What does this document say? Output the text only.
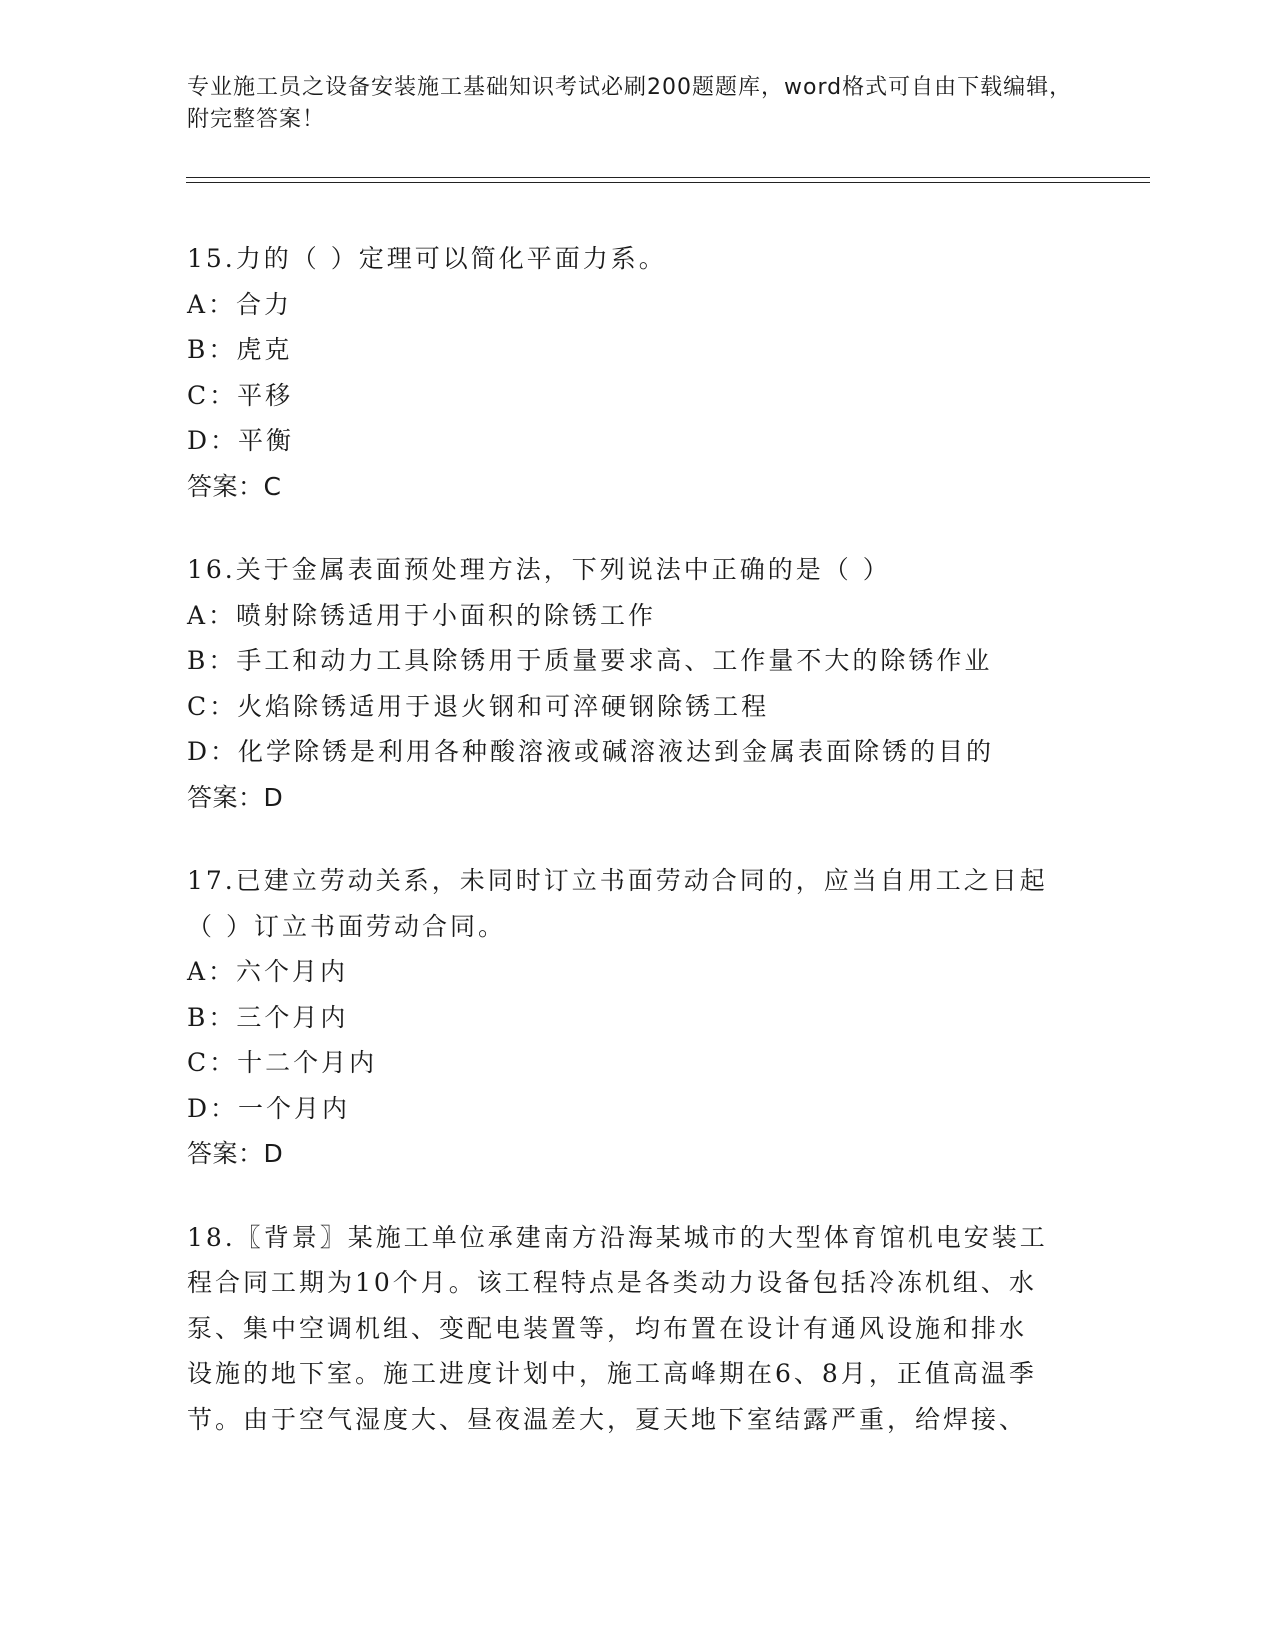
专业施工员之设备安装施工基础知识考试必刷200题题库，word格式可自由下载编辑，附完整答案！
15.力的（ ）定理可以简化平面力系。
A：合力
B：虎克
C：平移
D：平衡
答案：C
16.关于金属表面预处理方法，下列说法中正确的是（ ）
A：喷射除锈适用于小面积的除锈工作
B：手工和动力工具除锈用于质量要求高、工作量不大的除锈作业
C：火焰除锈适用于退火钢和可淬硬钢除锈工程
D：化学除锈是利用各种酸溶液或碱溶液达到金属表面除锈的目的
答案：D
17.已建立劳动关系，未同时订立书面劳动合同的，应当自用工之日起
（ ）订立书面劳动合同。
A：六个月内
B：三个月内
C：十二个月内
D：一个月内
答案：D
18.〖背景〗某施工单位承建南方沿海某城市的大型体育馆机电安装工
程合同工期为10个月。该工程特点是各类动力设备包括冷冻机组、水
泵、集中空调机组、变配电装置等，均布置在设计有通风设施和排水
设施的地下室。施工进度计划中，施工高峰期在6、8月，正值高温季
节。由于空气湿度大、昼夜温差大，夏天地下室结露严重，给焊接、
